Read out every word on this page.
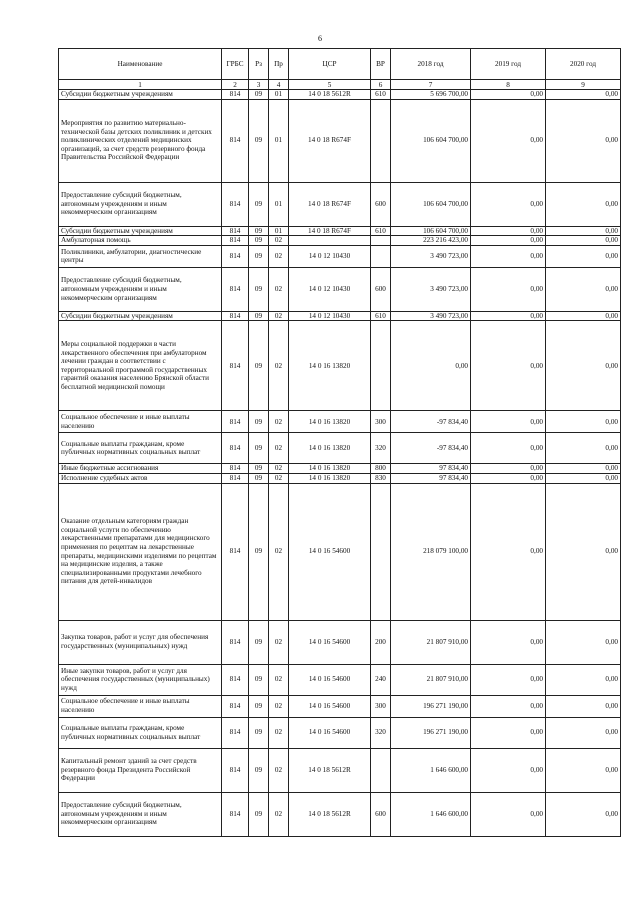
6
Наименование	ГРБС	Рз	Пр	ЦСР	ВР	2018 год	2019 год	2020 год
1	2	3	4	5	6	7	8	9
Субсидии бюджетным учреждениям	814	09	01	14 0 18 5612R	610	5 696 700,00	0,00	0,00
Мероприятия по развитию материально-технической базы детских поликлиник и детских поликлинических отделений медицинских организаций, за счет средств резервного фонда Правительства Российской Федерации	814	09	01	14 0 18 R674F		106 604 700,00	0,00	0,00
Предоставление субсидий бюджетным, автономным учреждениям и иным некоммерческим организациям	814	09	01	14 0 18 R674F	600	106 604 700,00	0,00	0,00
Субсидии бюджетным учреждениям	814	09	01	14 0 18 R674F	610	106 604 700,00	0,00	0,00
Амбулаторная помощь	814	09	02			223 216 423,00	0,00	0,00
Поликлиники, амбулатории, диагностические центры	814	09	02	14 0 12 10430		3 490 723,00	0,00	0,00
Предоставление субсидий бюджетным, автономным учреждениям и иным некоммерческим организациям	814	09	02	14 0 12 10430	600	3 490 723,00	0,00	0,00
Субсидии бюджетным учреждениям	814	09	02	14 0 12 10430	610	3 490 723,00	0,00	0,00
Меры социальной поддержки в части лекарственного обеспечения при амбулаторном лечении граждан в соответствии с территориальной программой государственных гарантий оказания населению Брянской области бесплатной медицинской помощи	814	09	02	14 0 16 13820		0,00	0,00	0,00
Социальное обеспечение и иные выплаты населению	814	09	02	14 0 16 13820	300	-97 834,40	0,00	0,00
Социальные выплаты гражданам, кроме публичных нормативных социальных выплат	814	09	02	14 0 16 13820	320	-97 834,40	0,00	0,00
Иные бюджетные ассигнования	814	09	02	14 0 16 13820	800	97 834,40	0,00	0,00
Исполнение судебных актов	814	09	02	14 0 16 13820	830	97 834,40	0,00	0,00
Оказание отдельным категориям граждан социальной услуги по обеспечению лекарственными препаратами для медицинского применения по рецептам на лекарственные препараты, медицинскими изделиями по рецептам на медицинские изделия, а также специализированными продуктами лечебного питания для детей-инвалидов	814	09	02	14 0 16 54600		218 079 100,00	0,00	0,00
Закупка товаров, работ и услуг для обеспечения государственных (муниципальных) нужд	814	09	02	14 0 16 54600	200	21 807 910,00	0,00	0,00
Иные закупки товаров, работ и услуг для обеспечения государственных (муниципальных) нужд	814	09	02	14 0 16 54600	240	21 807 910,00	0,00	0,00
Социальное обеспечение и иные выплаты населению	814	09	02	14 0 16 54600	300	196 271 190,00	0,00	0,00
Социальные выплаты гражданам, кроме публичных нормативных социальных выплат	814	09	02	14 0 16 54600	320	196 271 190,00	0,00	0,00
Капитальный ремонт зданий за счет средств резервного фонда Президента Российской Федерации	814	09	02	14 0 18 5612R		1 646 600,00	0,00	0,00
Предоставление субсидий бюджетным, автономным учреждениям и иным некоммерческим организациям	814	09	02	14 0 18 5612R	600	1 646 600,00	0,00	0,00
